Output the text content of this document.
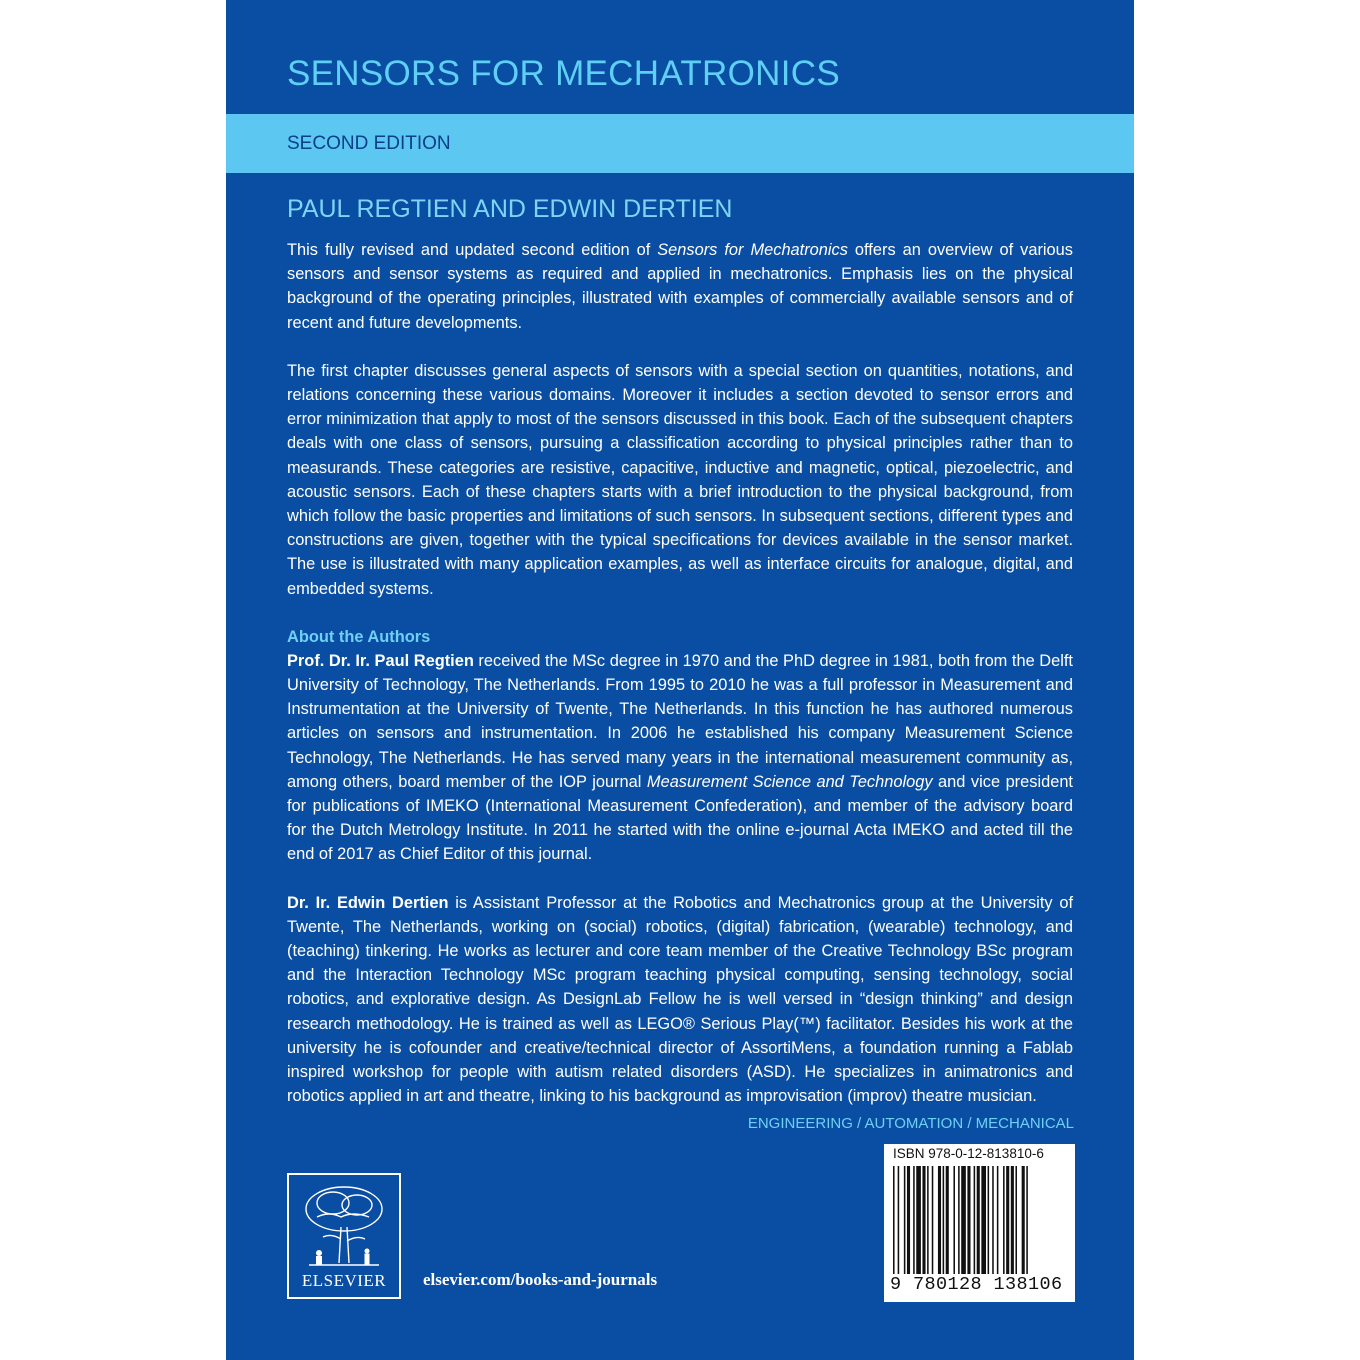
SENSORS FOR MECHATRONICS
SECOND EDITION
PAUL REGTIEN AND EDWIN DERTIEN

This fully revised and updated second edition of Sensors for Mechatronics offers an overview of various sensors and sensor systems as required and applied in mechatronics. Emphasis lies on the physical background of the operating principles, illustrated with examples of commercially available sensors and of recent and future developments.

The first chapter discusses general aspects of sensors with a special section on quantities, notations, and relations concerning these various domains. Moreover it includes a section devoted to sensor errors and error minimization that apply to most of the sensors discussed in this book. Each of the subsequent chapters deals with one class of sensors, pursuing a classification according to physical principles rather than to measurands. These categories are resistive, capacitive, inductive and magnetic, optical, piezoelectric, and acoustic sensors. Each of these chapters starts with a brief introduction to the physical background, from which follow the basic properties and limitations of such sensors. In subsequent sections, different types and constructions are given, together with the typical specifications for devices available in the sensor market. The use is illustrated with many application examples, as well as interface circuits for analogue, digital, and embedded systems.

About the Authors

Prof. Dr. Ir. Paul Regtien received the MSc degree in 1970 and the PhD degree in 1981, both from the Delft University of Technology, The Netherlands. From 1995 to 2010 he was a full professor in Measurement and Instrumentation at the University of Twente, The Netherlands. In this function he has authored numerous articles on sensors and instrumentation. In 2006 he established his company Measurement Science Technology, The Netherlands. He has served many years in the international measurement community as, among others, board member of the IOP journal Measurement Science and Technology and vice president for publications of IMEKO (International Measurement Confederation), and member of the advisory board for the Dutch Metrology Institute. In 2011 he started with the online e-journal Acta IMEKO and acted till the end of 2017 as Chief Editor of this journal.

Dr. Ir. Edwin Dertien is Assistant Professor at the Robotics and Mechatronics group at the University of Twente, The Netherlands, working on (social) robotics, (digital) fabrication, (wearable) technology, and (teaching) tinkering. He works as lecturer and core team member of the Creative Technology BSc program and the Interaction Technology MSc program teaching physical computing, sensing technology, social robotics, and explorative design. As DesignLab Fellow he is well versed in “design thinking” and design research methodology. He is trained as well as LEGO® Serious Play(™) facilitator. Besides his work at the university he is cofounder and creative/technical director of AssortiMens, a foundation running a Fablab inspired workshop for people with autism related disorders (ASD). He specializes in animatronics and robotics applied in art and theatre, linking to his background as improvisation (improv) theatre musician.

ENGINEERING / AUTOMATION / MECHANICAL
ELSEVIER	elsevier.com/books-and-journals
ISBN 978-0-12-813810-6
9 780128 138106
